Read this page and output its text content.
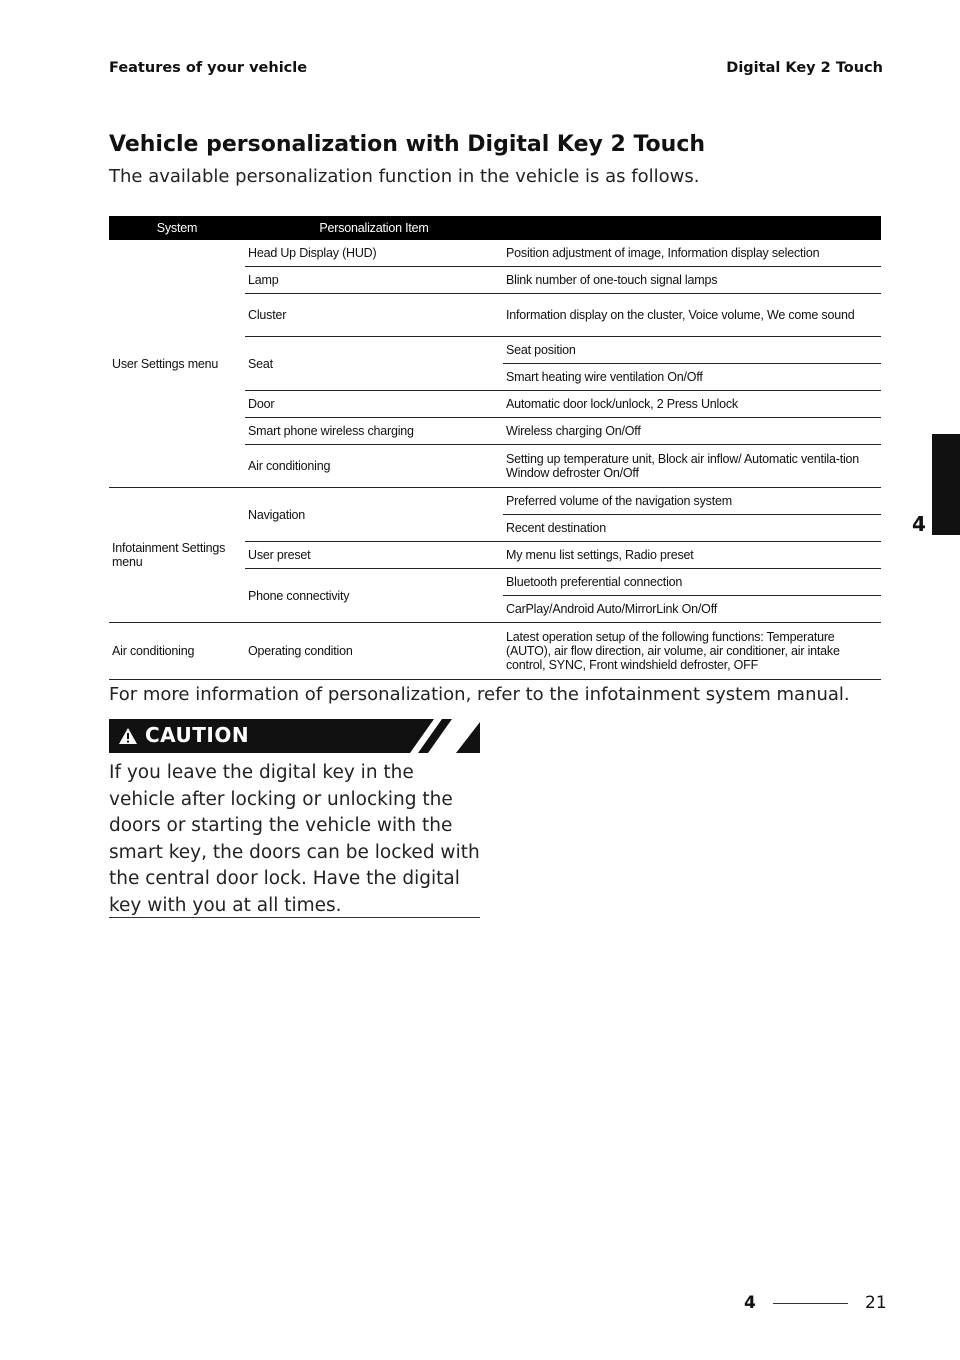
Features of your vehicle	Digital Key 2 Touch
Vehicle personalization with Digital Key 2 Touch
The available personalization function in the vehicle is as follows.
System	Personalization Item	
User Settings menu	Head Up Display (HUD)	Position adjustment of image, Information display selection
	Lamp	Blink number of one-touch signal lamps
	Cluster	Information display on the cluster, Voice volume, We come sound
	Seat	Seat position
		Smart heating wire ventilation On/Off
	Door	Automatic door lock/unlock, 2 Press Unlock
	Smart phone wireless charging	Wireless charging On/Off
	Air conditioning	Setting up temperature unit, Block air inflow/ Automatic ventila-tion Window defroster On/Off
Infotainment Settings menu	Navigation	Preferred volume of the navigation system
		Recent destination
	User preset	My menu list settings, Radio preset
	Phone connectivity	Bluetooth preferential connection
		CarPlay/Android Auto/MirrorLink On/Off
Air conditioning	Operating condition	Latest operation setup of the following functions: Temperature (AUTO), air flow direction, air volume, air conditioner, air intake control, SYNC, Front windshield defroster, OFF
For more information of personalization, refer to the infotainment system manual.
CAUTION
If you leave the digital key in the vehicle after locking or unlocking the doors or starting the vehicle with the smart key, the doors can be locked with the central door lock. Have the digital key with you at all times.
4
4	21
